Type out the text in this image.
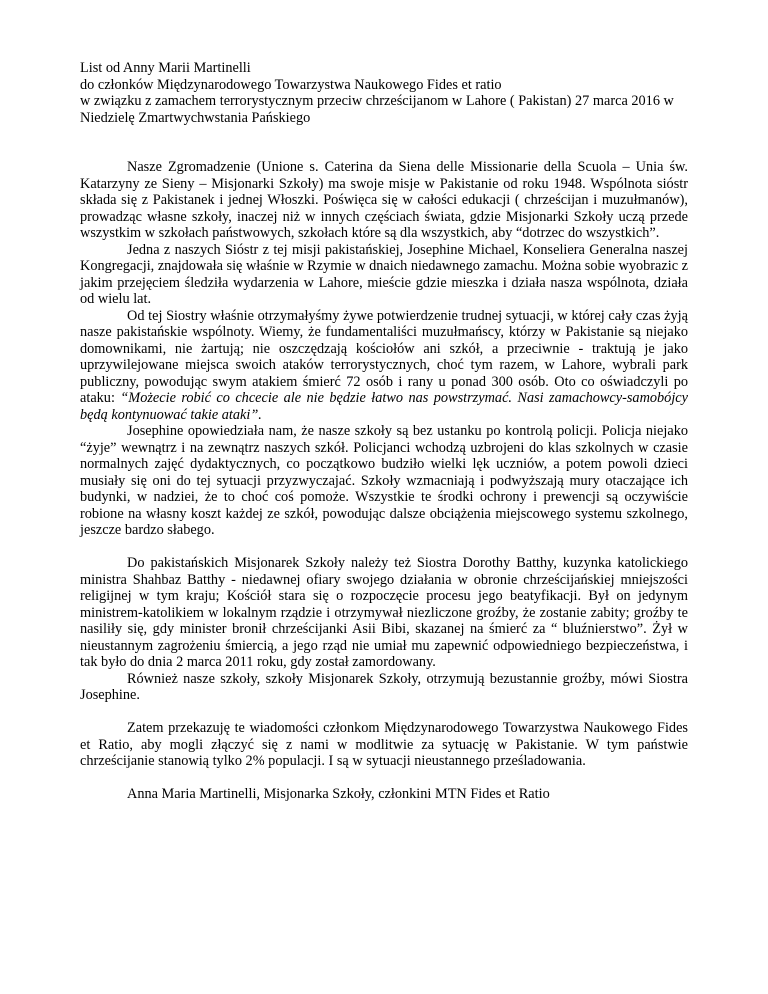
List od Anny Marii Martinelli

do członków Międzynarodowego Towarzystwa Naukowego Fides et ratio

w związku z zamachem terrorystycznym przeciw chrześcijanom w Lahore ( Pakistan) 27 marca 2016 w Niedzielę Zmartwychwstania Pańskiego

Nasze Zgromadzenie (Unione s. Caterina da Siena delle Missionarie della Scuola – Unia św. Katarzyny ze Sieny – Misjonarki Szkoły) ma swoje misje w Pakistanie od roku 1948. Wspólnota sióstr składa się z Pakistanek i jednej Włoszki. Poświęca się w całości edukacji ( chrześcijan i muzułmanów), prowadząc własne szkoły, inaczej niż w innych częściach świata, gdzie Misjonarki Szkoły uczą przede wszystkim w szkołach państwowych, szkołach które są dla wszystkich, aby “dotrzec do wszystkich”.

Jedna z naszych Sióstr z tej misji pakistańskiej, Josephine Michael, Konseliera Generalna naszej Kongregacji, znajdowała się właśnie w Rzymie w dnaich niedawnego zamachu. Można sobie wyobrazic z jakim przejęciem śledziła wydarzenia w Lahore, mieście gdzie mieszka i działa nasza wspólnota, działa od wielu lat.

Od tej Siostry właśnie otrzymałyśmy żywe potwierdzenie trudnej sytuacji, w której cały czas żyją nasze pakistańskie wspólnoty. Wiemy, że fundamentaliści muzułmańscy, którzy w Pakistanie są niejako domownikami, nie żartują; nie oszczędzają kościołów ani szkół, a przeciwnie - traktują je jako uprzywilejowane miejsca swoich ataków terrorystycznych, choć tym razem, w Lahore, wybrali park publiczny, powodując swym atakiem śmierć 72 osób i rany u ponad 300 osób. Oto co oświadczyli po ataku: “Możecie robić co chcecie ale nie będzie łatwo nas powstrzymać. Nasi zamachowcy-samobójcy będą kontynuować takie ataki”.

Josephine opowiedziała nam, że nasze szkoły są bez ustanku po kontrolą policji. Policja niejako “żyje” wewnątrz i na zewnątrz naszych szkół. Policjanci wchodzą uzbrojeni do klas szkolnych w czasie normalnych zajęć dydaktycznych, co początkowo budziło wielki lęk uczniów, a potem powoli dzieci musiały się oni do tej sytuacji przyzwyczajać. Szkoły wzmacniają i podwyższają mury otaczające ich budynki, w nadziei, że to choć coś pomoże. Wszystkie te środki ochrony i prewencji są oczywiście robione na własny koszt każdej ze szkół, powodując dalsze obciążenia miejscowego systemu szkolnego, jeszcze bardzo słabego.

Do pakistańskich Misjonarek Szkoły należy też Siostra Dorothy Batthy, kuzynka katolickiego ministra Shahbaz Batthy - niedawnej ofiary swojego działania w obronie chrześcijańskiej mniejszości religijnej w tym kraju; Kościół stara się o rozpoczęcie procesu jego beatyfikacji. Był on jedynym ministrem-katolikiem w lokalnym rządzie i otrzymywał niezliczone groźby, że zostanie zabity; groźby te nasiliły się, gdy minister bronił chrześcijanki Asii Bibi, skazanej na śmierć za “ bluźnierstwo”. Żył w nieustannym zagrożeniu śmiercią, a jego rząd nie umiał mu zapewnić odpowiedniego bezpieczeństwa, i tak było do dnia 2 marca 2011 roku, gdy został zamordowany.

Również nasze szkoły, szkoły Misjonarek Szkoły, otrzymują bezustannie groźby, mówi Siostra Josephine.

Zatem przekazuję te wiadomości członkom Międzynarodowego Towarzystwa Naukowego Fides et Ratio, aby mogli złączyć się z nami w modlitwie za sytuację w Pakistanie. W tym państwie chrześcijanie stanowią tylko 2% populacji. I są w sytuacji nieustannego prześladowania.

Anna Maria Martinelli, Misjonarka Szkoły, członkini MTN Fides et Ratio
